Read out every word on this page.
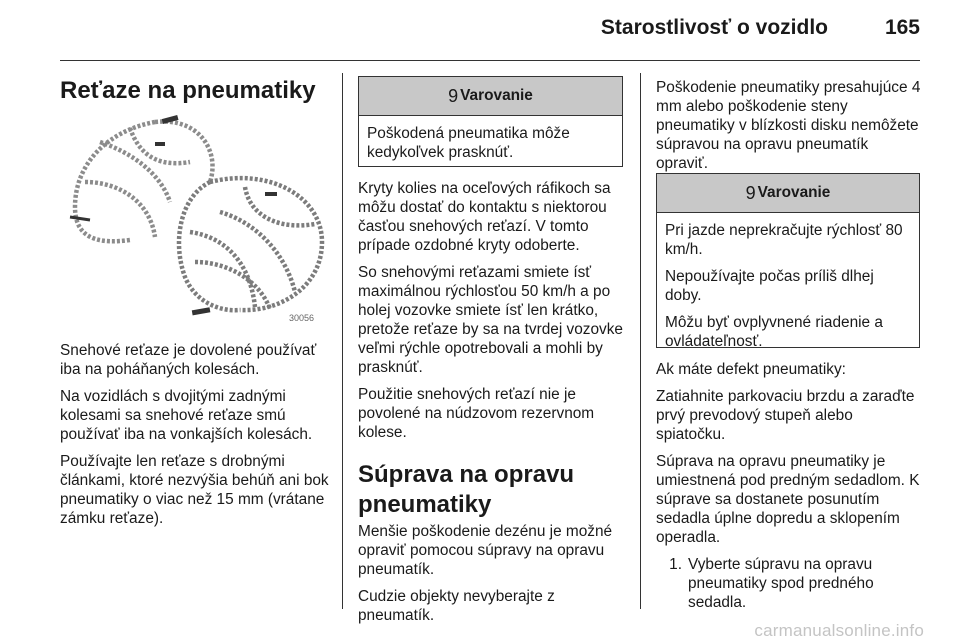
Starostlivosť o vozidlo	165
Reťaze na pneumatiky
30056

Snehové reťaze je dovolené používať iba na poháňaných kolesách.

Na vozidlách s dvojitými zadnými kolesami sa snehové reťaze smú používať iba na vonkajších kolesách.

Používajte len reťaze s drobnými článkami, ktoré nezvýšia behúň ani bok pneumatiky o viac než 15 mm (vrátane zámku reťaze).

9 Varovanie

Poškodená pneumatika môže kedykoľvek prasknúť.

Kryty kolies na oceľových ráfikoch sa môžu dostať do kontaktu s niektorou časťou snehových reťazí. V tomto prípade ozdobné kryty odoberte.

So snehovými reťazami smiete ísť maximálnou rýchlosťou 50 km/h a po holej vozovke smiete ísť len krátko, pretože reťaze by sa na tvrdej vozovke veľmi rýchle opotrebovali a mohli by prasknúť.

Použitie snehových reťazí nie je povolené na núdzovom rezervnom kolese.

Súprava na opravu pneumatiky

Menšie poškodenie dezénu je možné opraviť pomocou súpravy na opravu pneumatík.

Cudzie objekty nevyberajte z pneumatík.

Poškodenie pneumatiky presahujúce 4 mm alebo poškodenie steny pneumatiky v blízkosti disku nemôžete súpravou na opravu pneumatík opraviť.

9 Varovanie

Pri jazde neprekračujte rýchlosť 80 km/h.

Nepoužívajte počas príliš dlhej doby.

Môžu byť ovplyvnené riadenie a ovládateľnosť.

Ak máte defekt pneumatiky:

Zatiahnite parkovaciu brzdu a zaraďte prvý prevodový stupeň alebo spiatočku.

Súprava na opravu pneumatiky je umiestnená pod predným sedadlom. K súprave sa dostanete posunutím sedadla úplne dopredu a sklopením operadla.

1. Vyberte súpravu na opravu pneumatiky spod predného sedadla.
carmanualsonline.info
